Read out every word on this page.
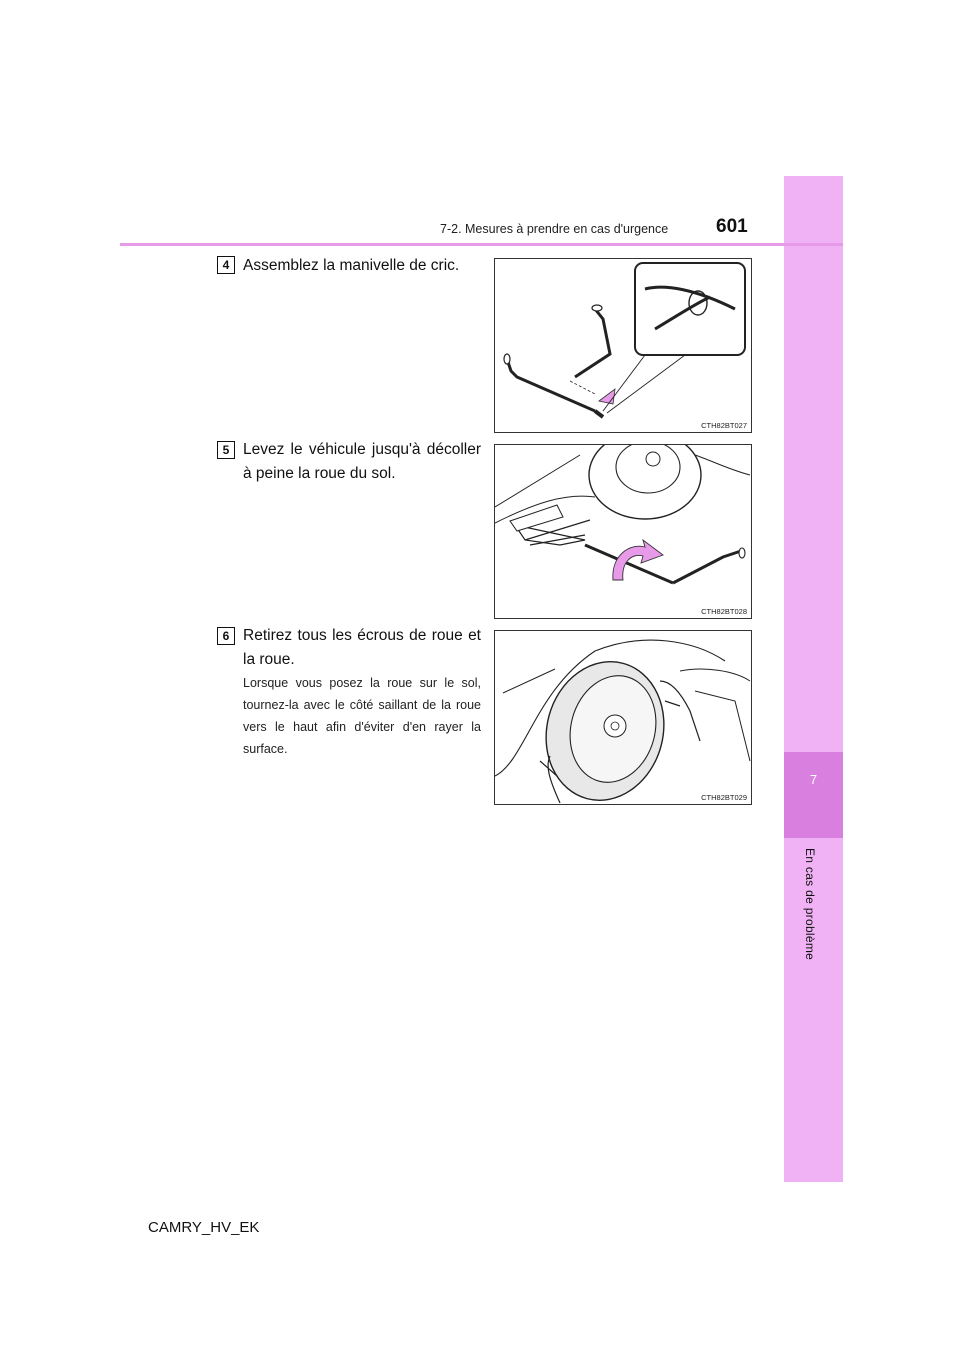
7
En cas de problème
7-2. Mesures à prendre en cas d'urgence	601
4 Assemblez la manivelle de cric.
CTH82BT027
5 Levez le véhicule jusqu'à décoller à peine la roue du sol.
CTH82BT028
6 Retirez tous les écrous de roue et la roue.
Lorsque vous posez la roue sur le sol, tournez-la avec le côté saillant de la roue vers le haut afin d'éviter d'en rayer la surface.
CTH82BT029
CAMRY_HV_EK
